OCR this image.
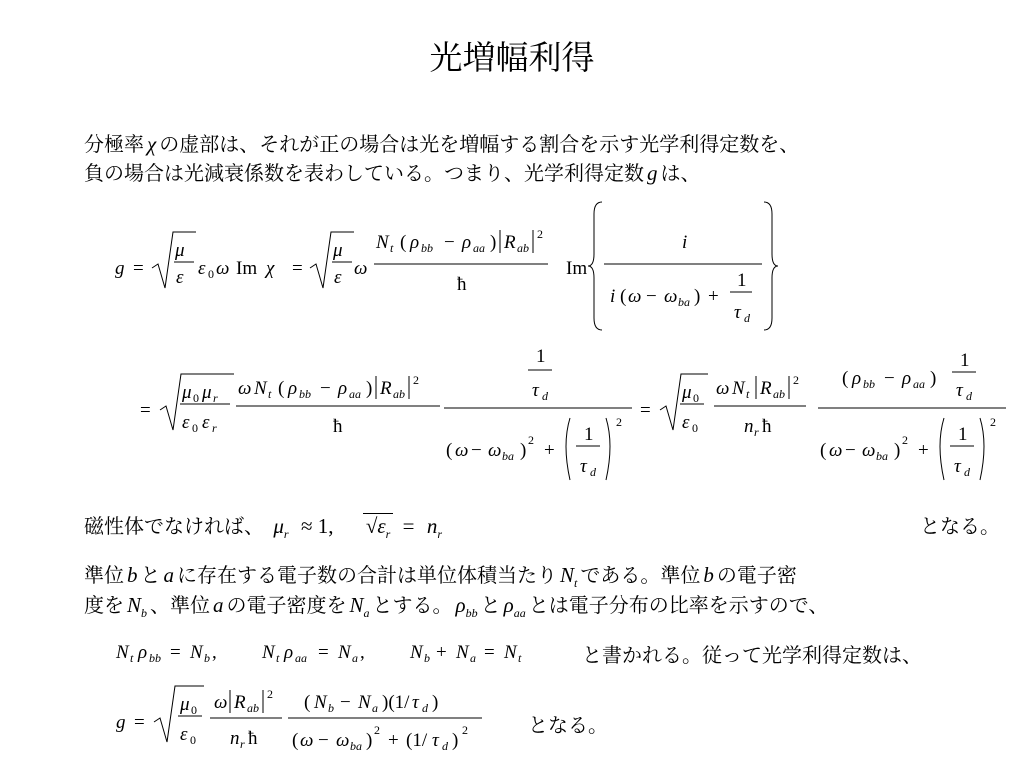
光増幅利得
分極率 χ の虚部は、それが正の場合は光を増幅する割合を示す光学利得定数を、
負の場合は光減衰係数を表わしている。つまり、光学利得定数 g は、
g =
μ
ε ε 0 ω Im χ =
μ
ε ω
N t ( ρ bb − ρ aa ) R ab
2
ħ
Im
i
i ( ω − ω ba ) +
1
τ d
=
μ 0 μ r
ε 0 ε r
ω N t ( ρ bb − ρ aa ) R ab
2
ħ
1
τ d
( ω − ω ba ) 2 +
1
τ d
2
=
μ 0
ε 0
ω N t R ab
2
n r ħ
( ρ bb − ρ aa )
1
τ d
( ω − ω ba ) 2 +
1
τ d
2
磁性体でなければ、 $\mu_r \approx 1$, $√\varepsilon_r = n_r$	となる。
準位 b と a に存在する電子数の合計は単位体積当たり $N_t$ である。準位 b の電子密
度を $N_b$ 、準位 a の電子密度を $N_a$ とする。 $\rho_{bb}$ と $\rho_{aa}$ とは電子分布の比率を示すので、
N t ρ bb = N b , N t ρ aa = N a , N b + N a = N t	と書かれる。従って光学利得定数は、
g =
μ 0
ε 0
ω R ab
2
n r ħ
( N b − N a )(1/ τ d )
( ω − ω ba ) 2 + (1/ τ d ) 2	となる。
